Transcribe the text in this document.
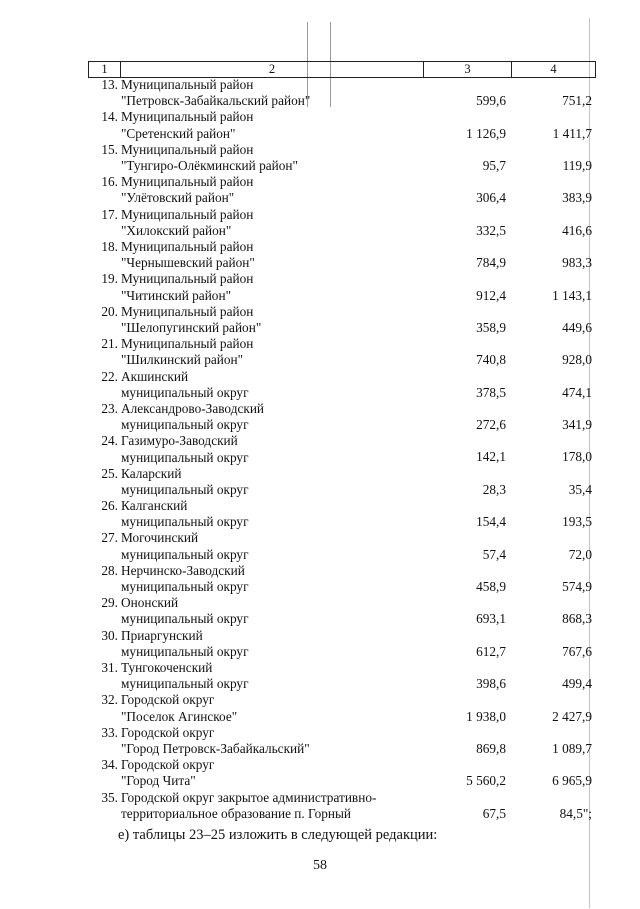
1	2	3	4
13. Муниципальный район
"Петровск-Забайкальский район"	599,6	751,2
14. Муниципальный район
"Сретенский район"	1 126,9	1 411,7
15. Муниципальный район
"Тунгиро-Олёкминский район"	95,7	119,9
16. Муниципальный район
"Улётовский район"	306,4	383,9
17. Муниципальный район
"Хилокский район"	332,5	416,6
18. Муниципальный район
"Чернышевский район"	784,9	983,3
19. Муниципальный район
"Читинский район"	912,4	1 143,1
20. Муниципальный район
"Шелопугинский район"	358,9	449,6
21. Муниципальный район
"Шилкинский район"	740,8	928,0
22. Акшинский
муниципальный округ	378,5	474,1
23. Александрово-Заводский
муниципальный округ	272,6	341,9
24. Газимуро-Заводский
муниципальный округ	142,1	178,0
25. Каларский
муниципальный округ	28,3	35,4
26. Калганский
муниципальный округ	154,4	193,5
27. Могочинский
муниципальный округ	57,4	72,0
28. Нерчинско-Заводский
муниципальный округ	458,9	574,9
29. Ононский
муниципальный округ	693,1	868,3
30. Приаргунский
муниципальный округ	612,7	767,6
31. Тунгокоченский
муниципальный округ	398,6	499,4
32. Городской округ
"Поселок Агинское"	1 938,0	2 427,9
33. Городской округ
"Город Петровск-Забайкальский"	869,8	1 089,7
34. Городской округ
"Город Чита"	5 560,2	6 965,9
35. Городской округ закрытое административно-
территориальное образование п. Горный	67,5	84,5";
е) таблицы 23–25 изложить в следующей редакции:
58
